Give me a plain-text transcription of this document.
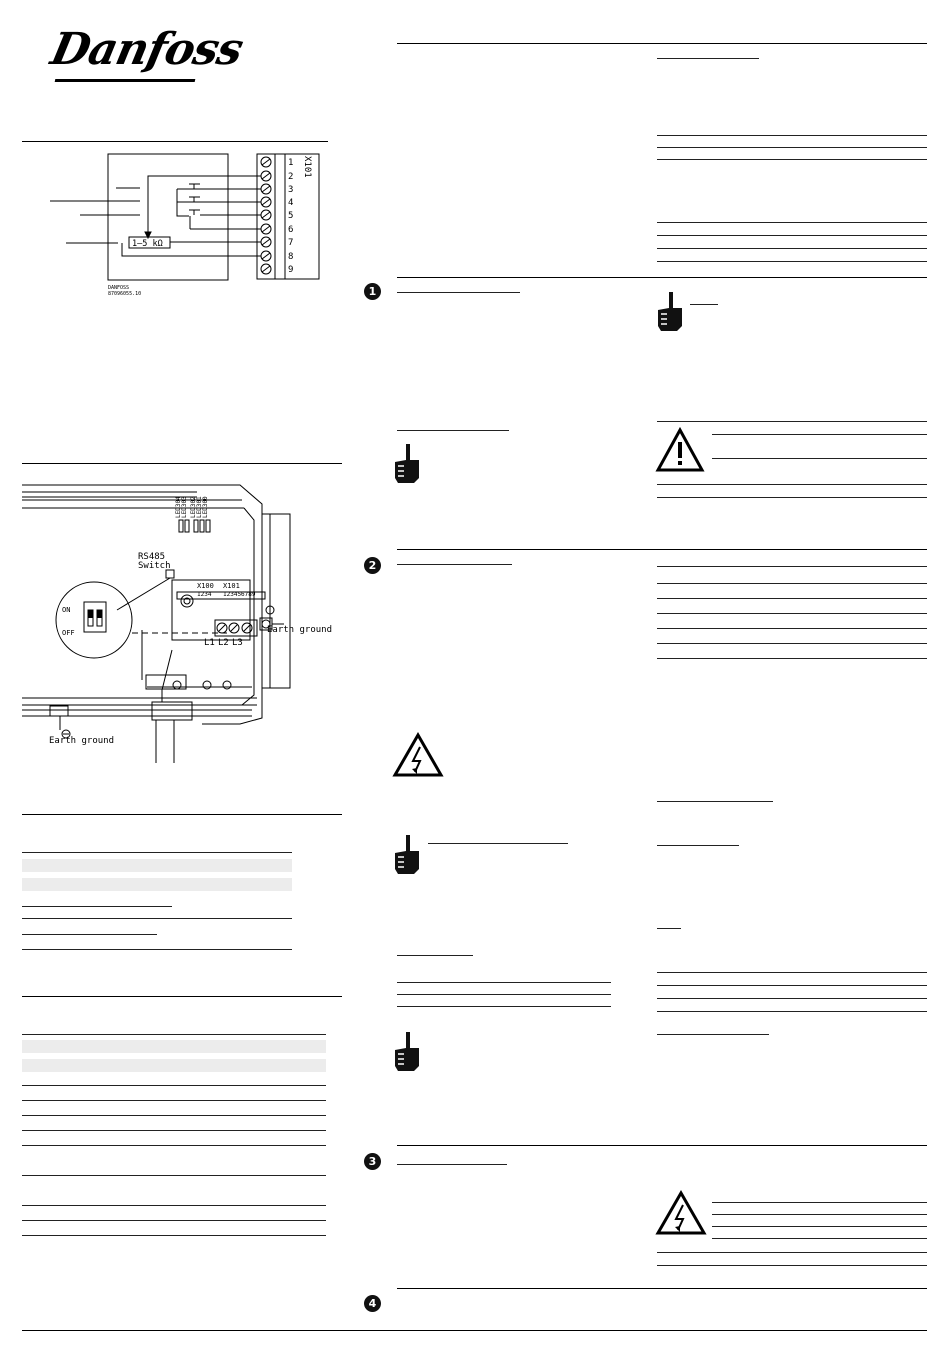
Danfoss
1
2
3
4
5
6
7
8
9
X101
1–5 kΩ
DANFOSS
87096055.10
LED304 LED303 LED302 LED301 LED300
RS485
Switch
ON
OFF
X100 X101
1234 123456789
L1 L2 L3
Earth ground
Earth ground
1
2
3
4
